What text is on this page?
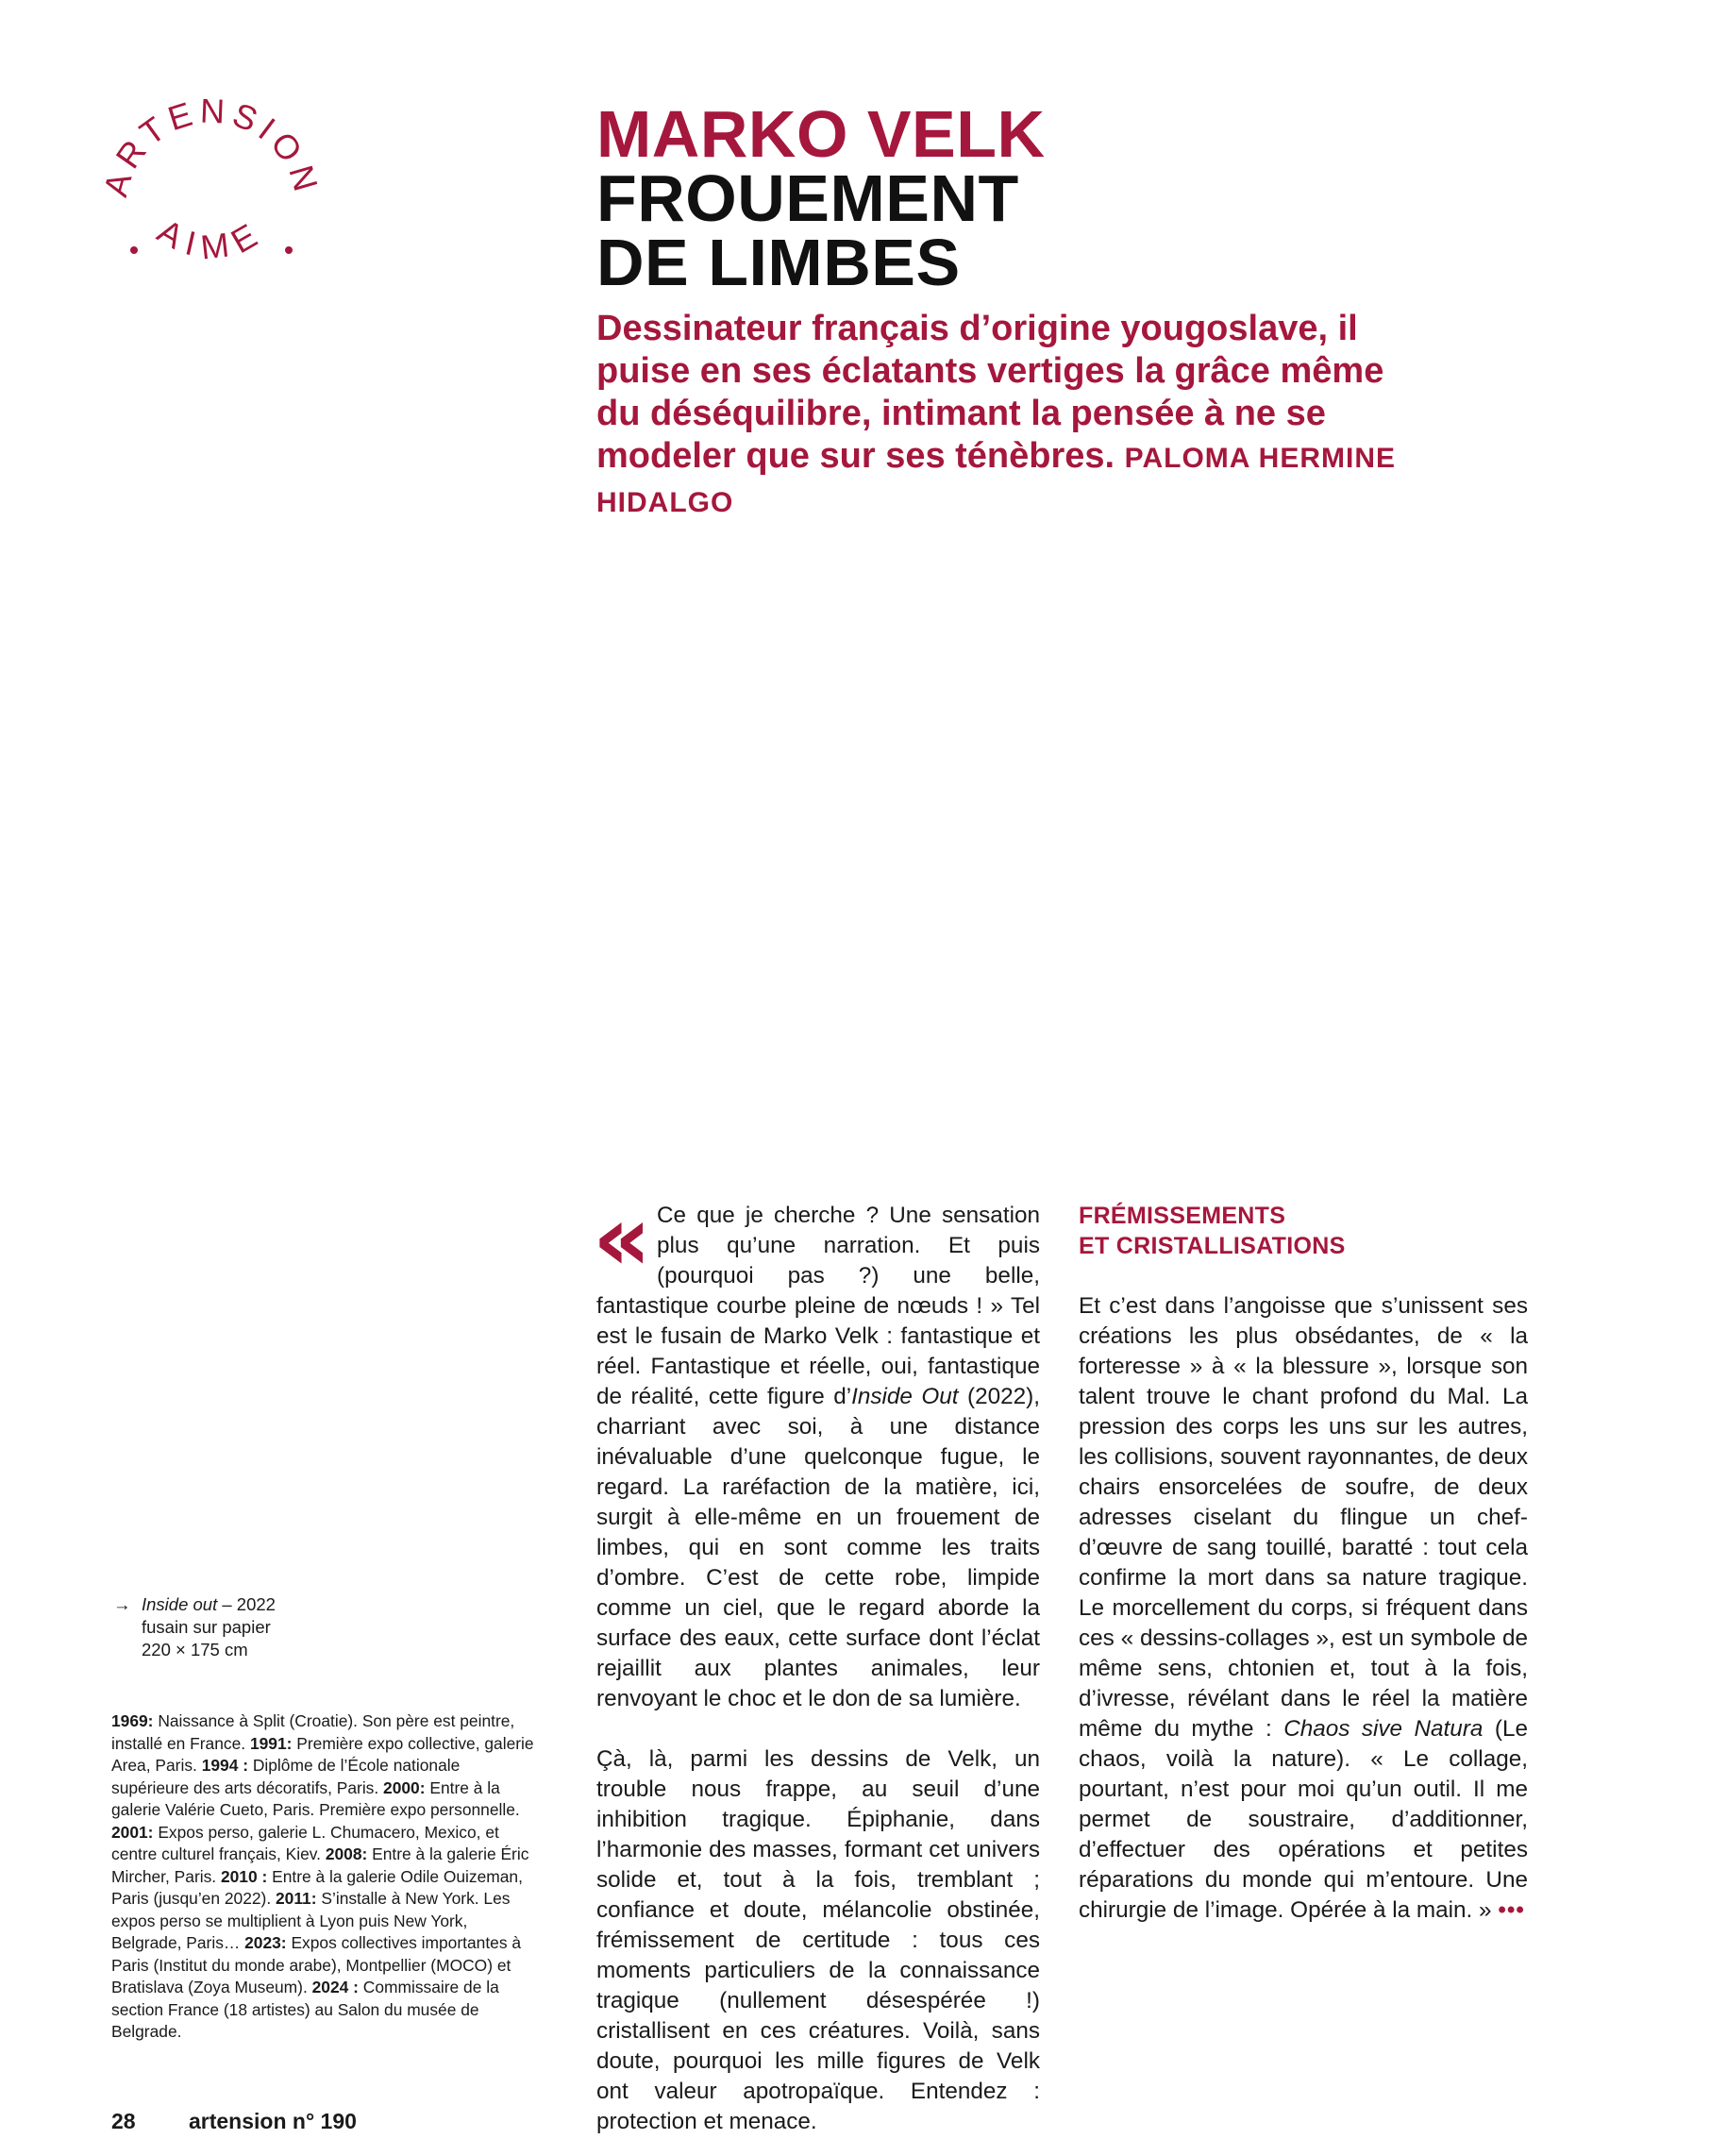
ARTENSION
AIME
MARKO VELK
FROUEMENT
DE LIMBES
Dessinateur français d’origine yougoslave, il puise en ses éclatants vertiges la grâce même du déséquilibre, intimant la pensée à ne se modeler que sur ses ténèbres. PALOMA HERMINE HIDALGO
→ Inside out – 2022
fusain sur papier
220 × 175 cm
1969: Naissance à Split (Croatie). Son père est peintre, installé en France. 1991: Première expo collective, galerie Area, Paris. 1994 : Diplôme de l’École nationale supérieure des arts décoratifs, Paris. 2000: Entre à la galerie Valérie Cueto, Paris. Première expo personnelle. 2001: Expos perso, galerie L. Chumacero, Mexico, et centre culturel français, Kiev. 2008: Entre à la galerie Éric Mircher, Paris. 2010 : Entre à la galerie Odile Ouizeman, Paris (jusqu’en 2022). 2011: S’installe à New York. Les expos perso se multiplient à Lyon puis New York, Belgrade, Paris… 2023: Expos collectives importantes à Paris (Institut du monde arabe), Montpellier (MOCO) et Bratislava (Zoya Museum). 2024 : Commissaire de la section France (18 artistes) au Salon du musée de Belgrade.

« Ce que je cherche ? Une sensation plus qu’une narration. Et puis (pourquoi pas ?) une belle, fantastique courbe pleine de nœuds ! » Tel est le fusain de Marko Velk : fantastique et réel. Fantastique et réelle, oui, fantastique de réalité, cette figure d’Inside Out (2022), charriant avec soi, à une distance inévaluable d’une quelconque fugue, le regard. La raréfaction de la matière, ici, surgit à elle-même en un frouement de limbes, qui en sont comme les traits d’ombre. C’est de cette robe, limpide comme un ciel, que le regard aborde la surface des eaux, cette surface dont l’éclat rejaillit aux plantes animales, leur renvoyant le choc et le don de sa lumière.

Çà, là, parmi les dessins de Velk, un trouble nous frappe, au seuil d’une inhibition tragique. Épiphanie, dans l’harmonie des masses, formant cet univers solide et, tout à la fois, tremblant ; confiance et doute, mélancolie obstinée, frémissement de certitude : tous ces moments particuliers de la connaissance tragique (nullement désespérée !) cristallisent en ces créatures. Voilà, sans doute, pourquoi les mille figures de Velk ont valeur apotropaïque. Entendez : protection et menace.

FRÉMISSEMENTS
ET CRISTALLISATIONS

Et c’est dans l’angoisse que s’unissent ses créations les plus obsédantes, de « la forteresse » à « la blessure », lorsque son talent trouve le chant profond du Mal. La pression des corps les uns sur les autres, les collisions, souvent rayonnantes, de deux chairs ensorcelées de soufre, de deux adresses ciselant du flingue un chef-d’œuvre de sang touillé, baratté : tout cela confirme la mort dans sa nature tragique. Le morcellement du corps, si fréquent dans ces « dessins-collages », est un symbole de même sens, chtonien et, tout à la fois, d’ivresse, révélant dans le réel la matière même du mythe : Chaos sive Natura (Le chaos, voilà la nature). « Le collage, pourtant, n’est pour moi qu’un outil. Il me permet de soustraire, d’additionner, d’effectuer des opérations et petites réparations du monde qui m’entoure. Une chirurgie de l’image. Opérée à la main. » •••

28 artension n° 190
